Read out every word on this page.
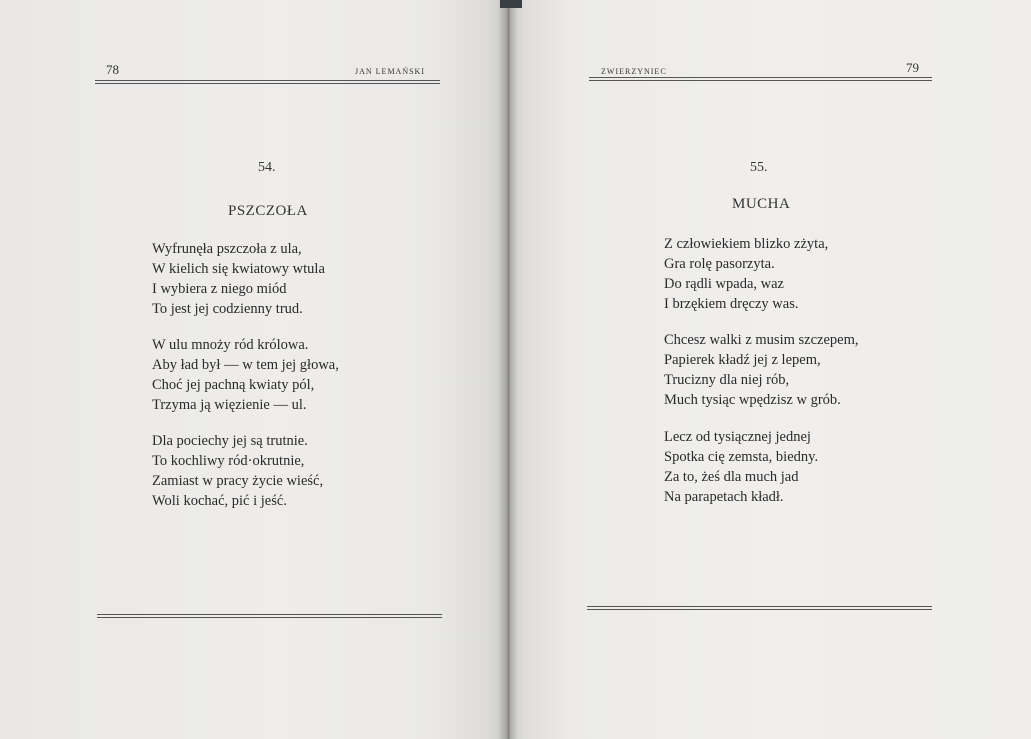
78	JAN LEMAŃSKI
54.
PSZCZOŁA
Wyfrunęła pszczoła z ula,
W kielich się kwiatowy wtula
I wybiera z niego miód
To jest jej codzienny trud.
W ulu mnoży ród królowa.
Aby ład był — w tem jej głowa,
Choć jej pachną kwiaty pól,
Trzyma ją więzienie — ul.
Dla pociechy jej są trutnie.
To kochliwy ród·okrutnie,
Zamiast w pracy życie wieść,
Woli kochać, pić i jeść.
ZWIERZYNIEC	79
55.
MUCHA
Z człowiekiem blizko zżyta,
Gra rolę pasorzyta.
Do rądli wpada, waz
I brzękiem dręczy was.
Chcesz walki z musim szczepem,
Papierek kładź jej z lepem,
Trucizny dla niej rób,
Much tysiąc wpędzisz w grób.
Lecz od tysiącznej jednej
Spotka cię zemsta, biedny.
Za to, żeś dla much jad
Na parapetach kładł.
